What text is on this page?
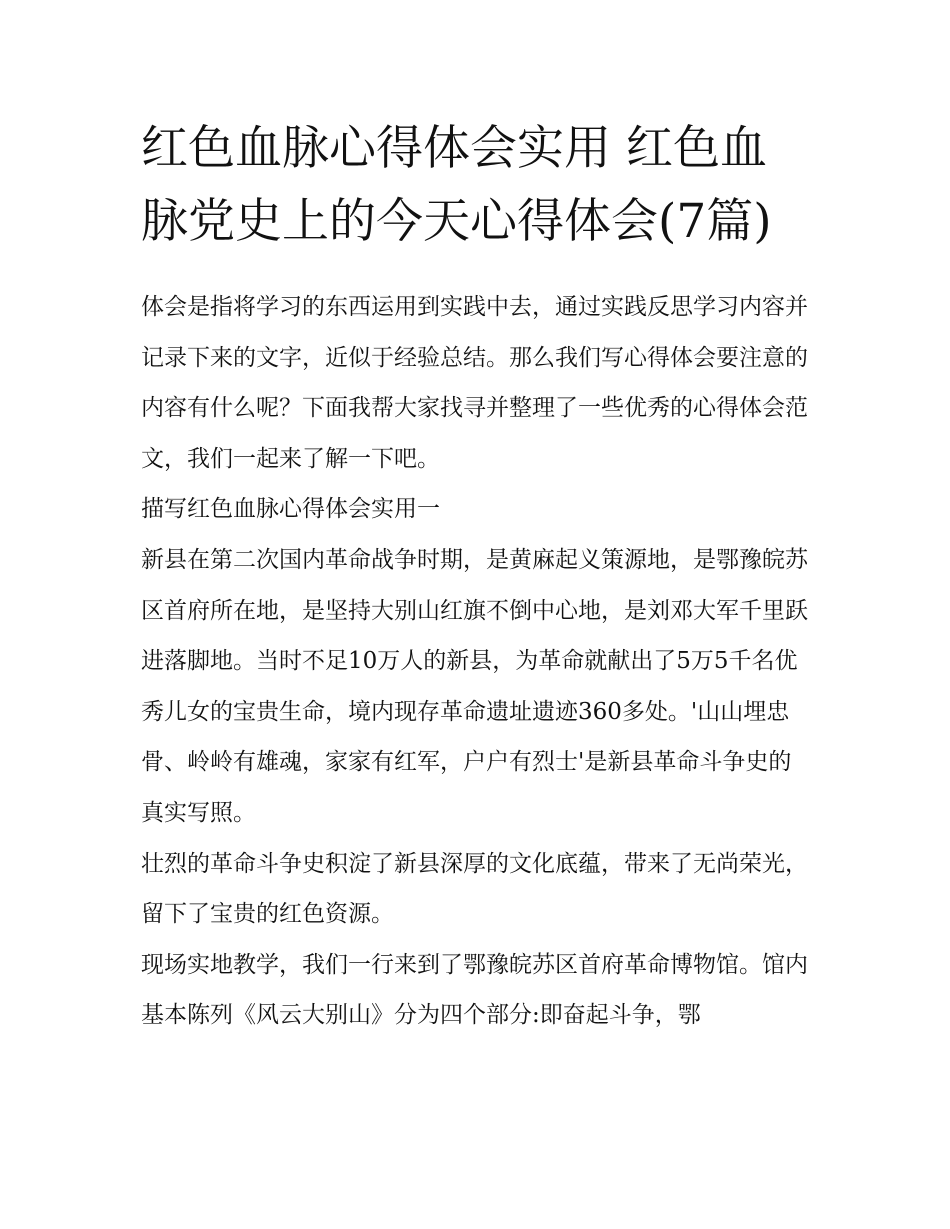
红色血脉心得体会实用 红色血脉党史上的今天心得体会(7篇)

体会是指将学习的东西运用到实践中去，通过实践反思学习内容并记录下来的文字，近似于经验总结。那么我们写心得体会要注意的内容有什么呢？下面我帮大家找寻并整理了一些优秀的心得体会范文，我们一起来了解一下吧。

描写红色血脉心得体会实用一

新县在第二次国内革命战争时期，是黄麻起义策源地，是鄂豫皖苏区首府所在地，是坚持大别山红旗不倒中心地，是刘邓大军千里跃进落脚地。当时不足10万人的新县，为革命就献出了5万5千名优秀儿女的宝贵生命，境内现存革命遗址遗迹360多处。'山山埋忠骨、岭岭有雄魂，家家有红军，户户有烈士'是新县革命斗争史的真实写照。

壮烈的革命斗争史积淀了新县深厚的文化底蕴，带来了无尚荣光，留下了宝贵的红色资源。

现场实地教学，我们一行来到了鄂豫皖苏区首府革命博物馆。馆内基本陈列《风云大别山》分为四个部分:即奋起斗争，鄂
